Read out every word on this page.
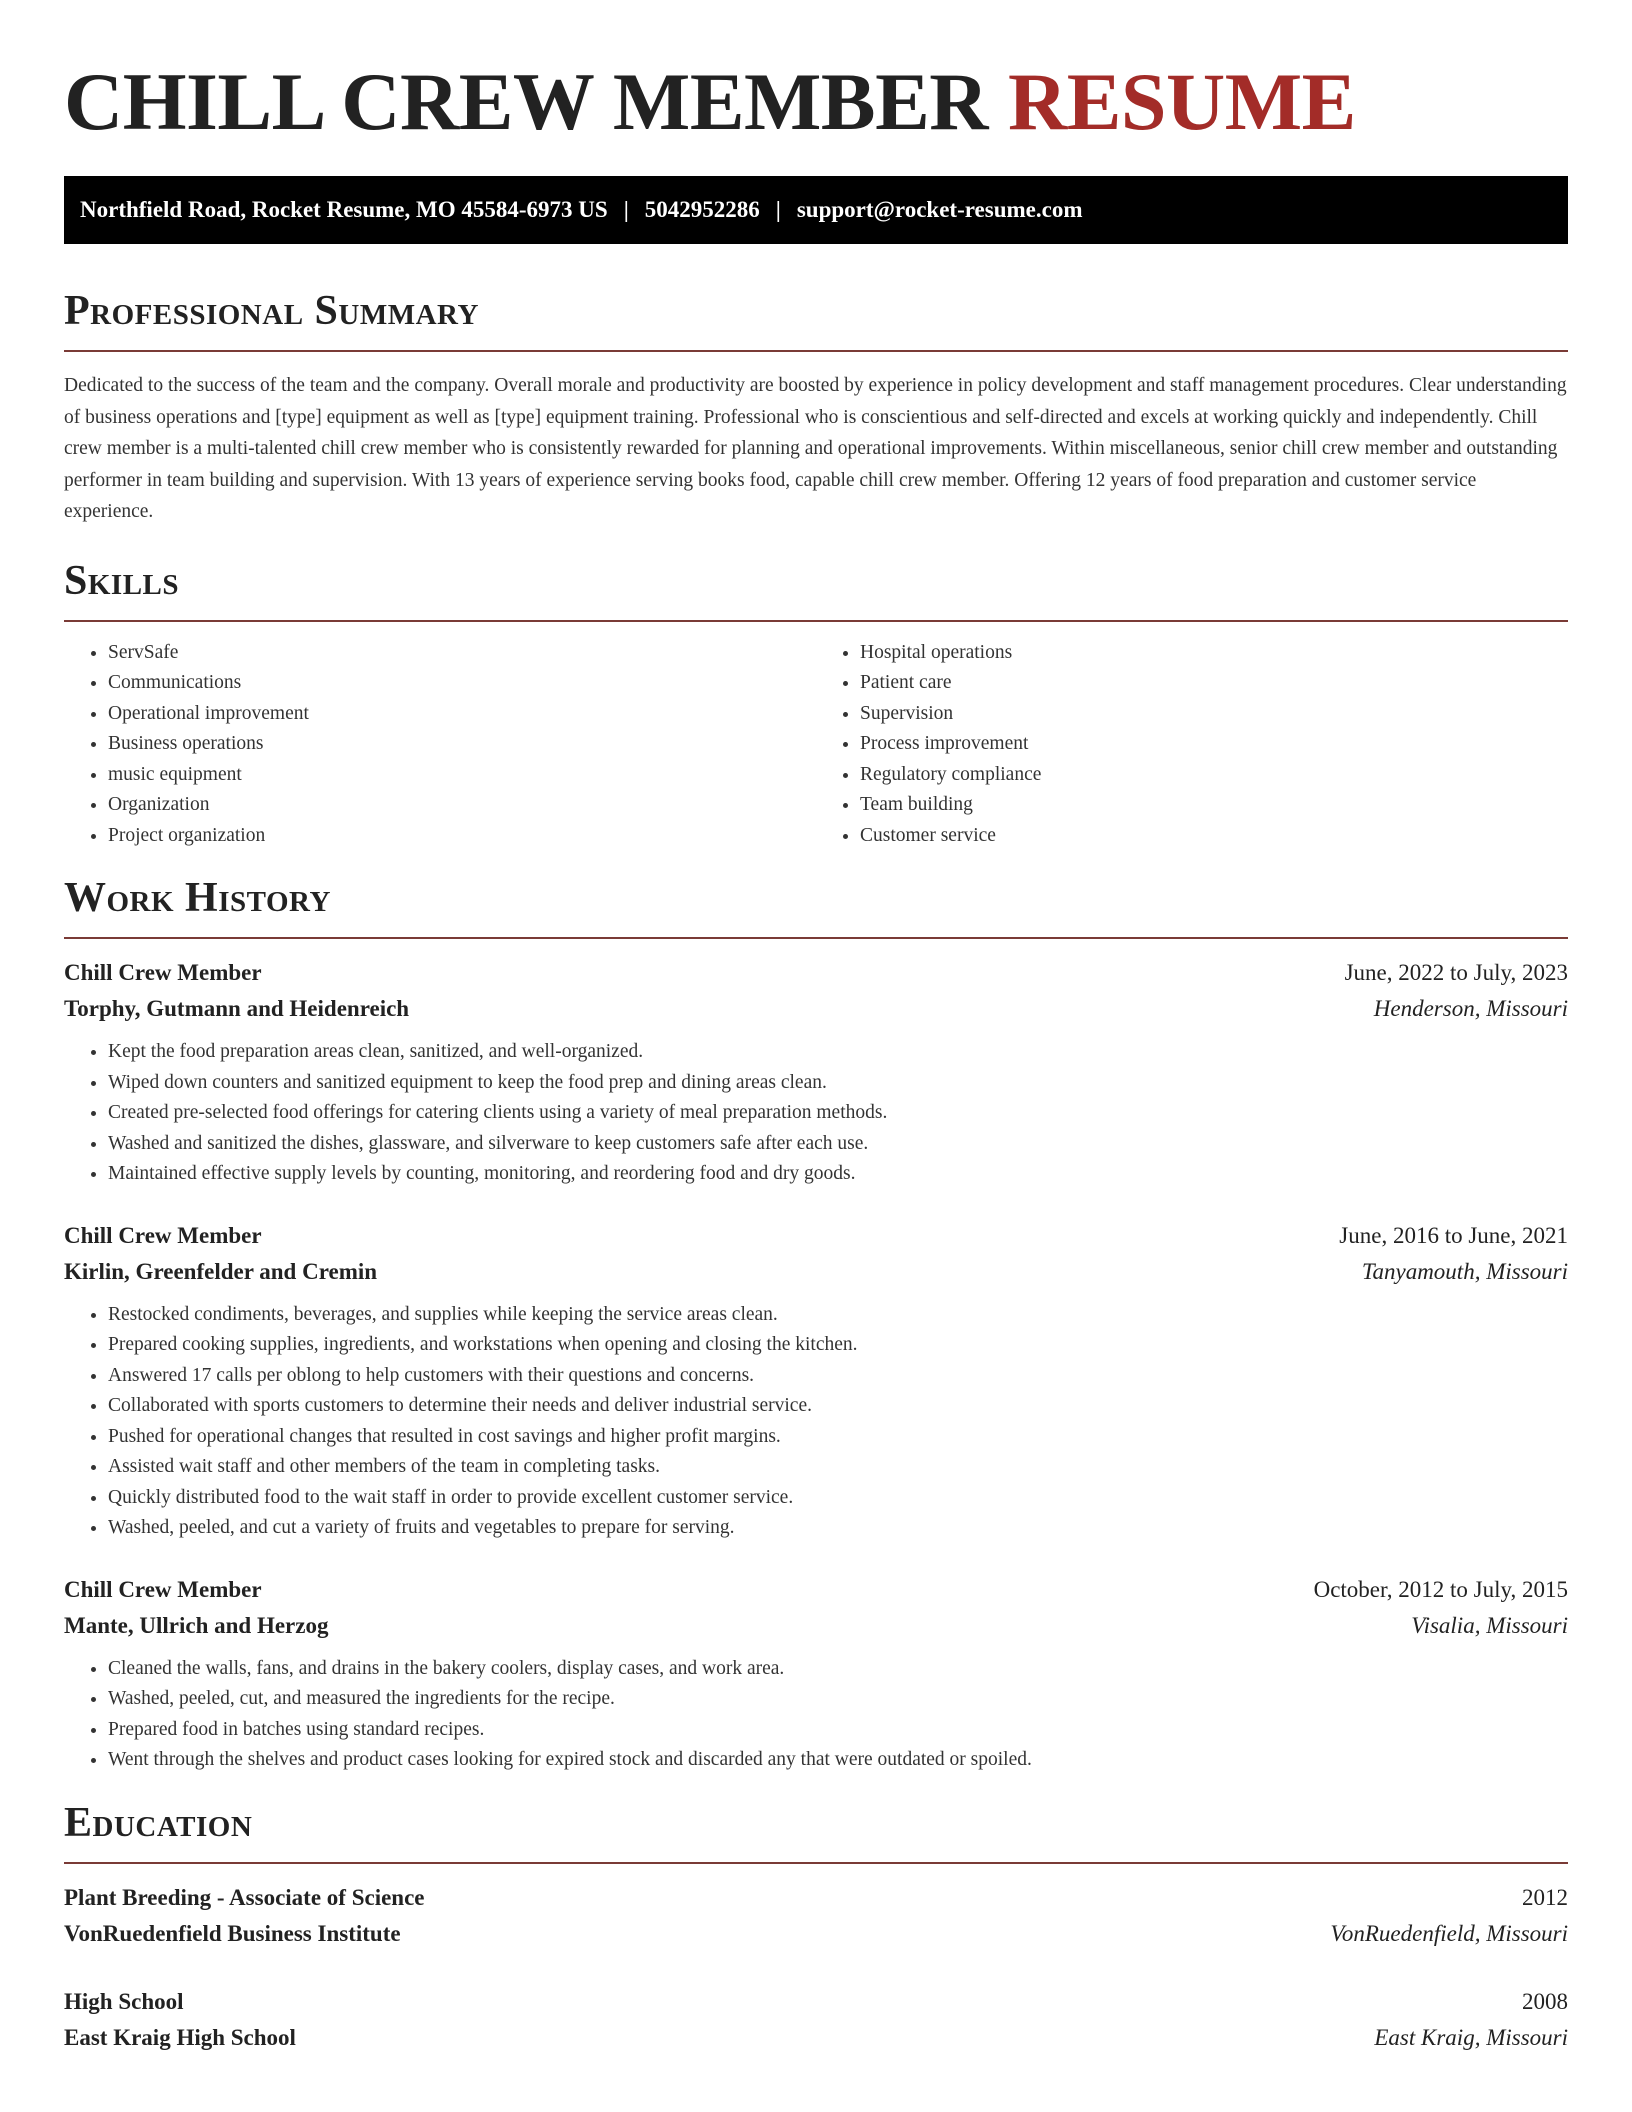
CHILL CREW MEMBER RESUME
Northfield Road, Rocket Resume, MO 45584-6973 US | 5042952286 | support@rocket-resume.com
Professional Summary
Dedicated to the success of the team and the company. Overall morale and productivity are boosted by experience in policy development and staff management procedures. Clear understanding of business operations and [type] equipment as well as [type] equipment training. Professional who is conscientious and self-directed and excels at working quickly and independently. Chill crew member is a multi-talented chill crew member who is consistently rewarded for planning and operational improvements. Within miscellaneous, senior chill crew member and outstanding performer in team building and supervision. With 13 years of experience serving books food, capable chill crew member. Offering 12 years of food preparation and customer service experience.
Skills
• ServSafe
• Communications
• Operational improvement
• Business operations
• music equipment
• Organization
• Project organization
• Hospital operations
• Patient care
• Supervision
• Process improvement
• Regulatory compliance
• Team building
• Customer service
Work History
Chill Crew Member	June, 2022 to July, 2023
Torphy, Gutmann and Heidenreich	Henderson, Missouri
• Kept the food preparation areas clean, sanitized, and well-organized.
• Wiped down counters and sanitized equipment to keep the food prep and dining areas clean.
• Created pre-selected food offerings for catering clients using a variety of meal preparation methods.
• Washed and sanitized the dishes, glassware, and silverware to keep customers safe after each use.
• Maintained effective supply levels by counting, monitoring, and reordering food and dry goods.
Chill Crew Member	June, 2016 to June, 2021
Kirlin, Greenfelder and Cremin	Tanyamouth, Missouri
• Restocked condiments, beverages, and supplies while keeping the service areas clean.
• Prepared cooking supplies, ingredients, and workstations when opening and closing the kitchen.
• Answered 17 calls per oblong to help customers with their questions and concerns.
• Collaborated with sports customers to determine their needs and deliver industrial service.
• Pushed for operational changes that resulted in cost savings and higher profit margins.
• Assisted wait staff and other members of the team in completing tasks.
• Quickly distributed food to the wait staff in order to provide excellent customer service.
• Washed, peeled, and cut a variety of fruits and vegetables to prepare for serving.
Chill Crew Member	October, 2012 to July, 2015
Mante, Ullrich and Herzog	Visalia, Missouri
• Cleaned the walls, fans, and drains in the bakery coolers, display cases, and work area.
• Washed, peeled, cut, and measured the ingredients for the recipe.
• Prepared food in batches using standard recipes.
• Went through the shelves and product cases looking for expired stock and discarded any that were outdated or spoiled.
Education
Plant Breeding - Associate of Science	2012
VonRuedenfield Business Institute	VonRuedenfield, Missouri
High School	2008
East Kraig High School	East Kraig, Missouri
